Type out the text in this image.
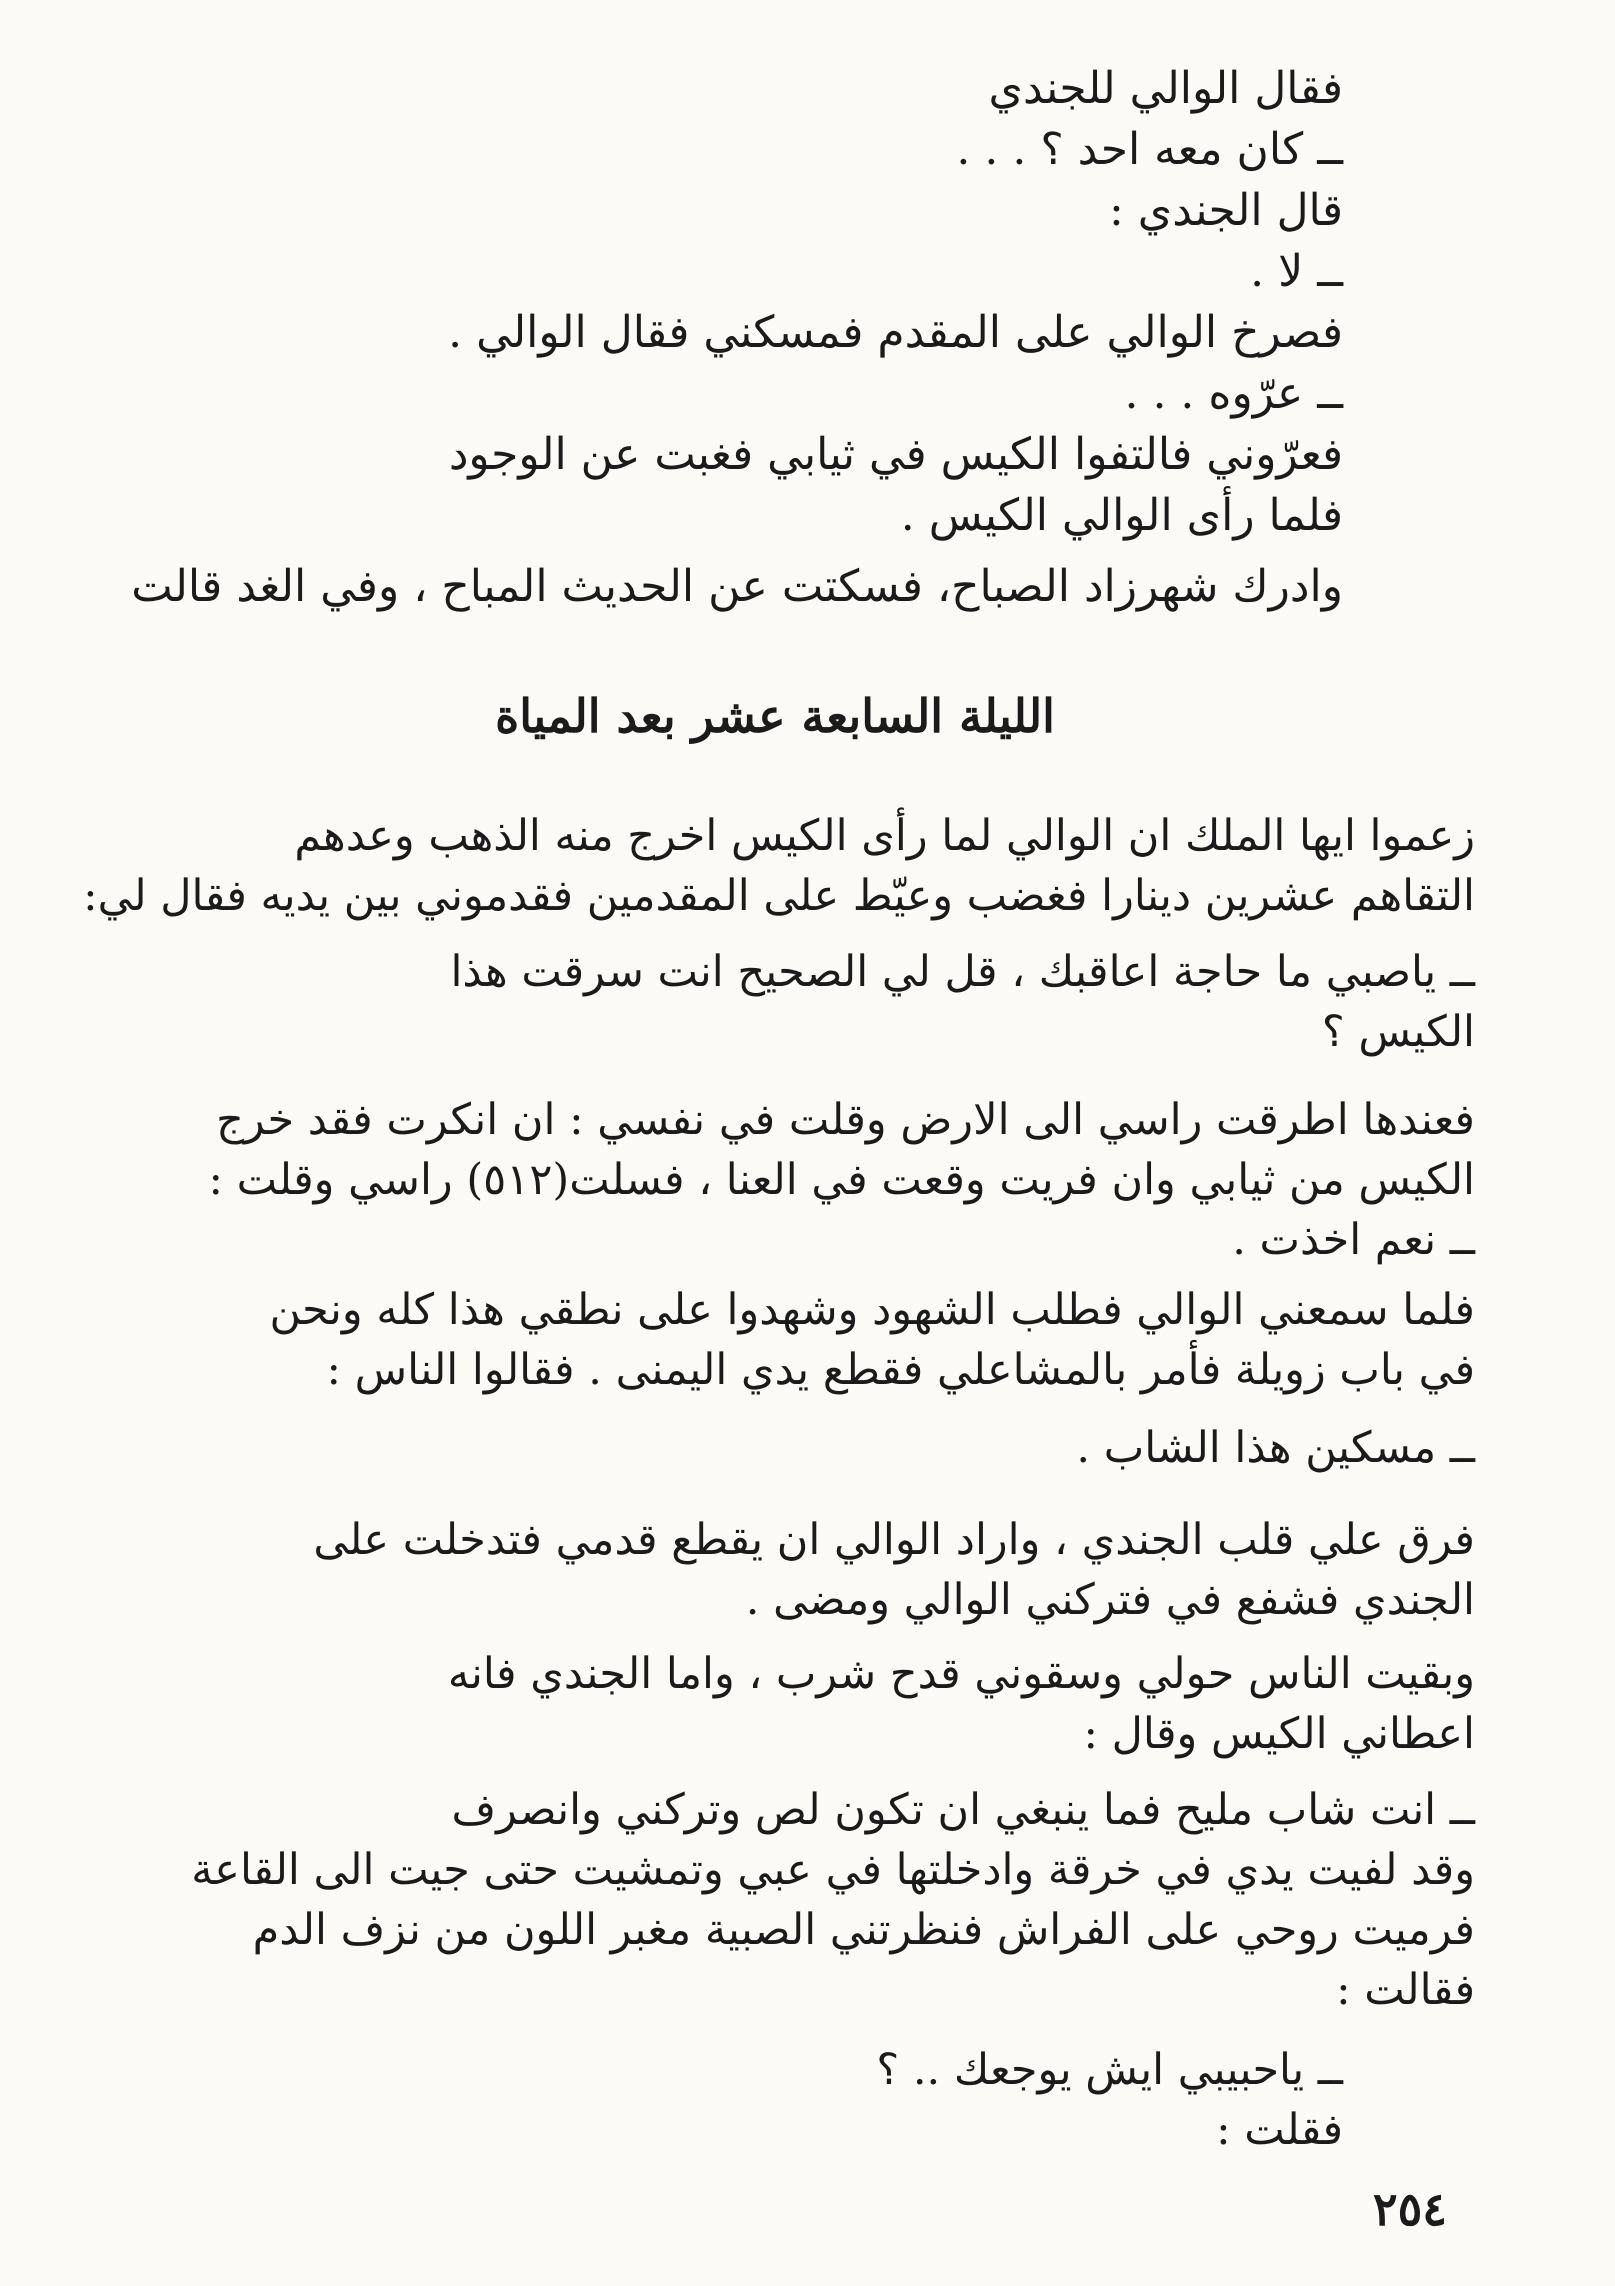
فقال الوالي للجندي
ــ كان معه احد ؟ . . .
قال الجندي :
ــ لا .
فصرخ الوالي على المقدم فمسكني فقال الوالي .
ــ عرّوه . . .
فعرّوني فالتفوا الكيس في ثيابي فغبت عن الوجود
فلما رأى الوالي الكيس .
وادرك شهرزاد الصباح، فسكتت عن الحديث المباح ، وفي الغد قالت
الليلة السابعة عشر بعد المياة
زعموا ايها الملك ان الوالي لما رأى الكيس اخرج منه الذهب وعدهم
التقاهم عشرين دينارا فغضب وعيّط على المقدمين فقدموني بين يديه فقال لي:
ــ ياصبي ما حاجة اعاقبك ، قل لي الصحيح انت سرقت هذا
الكيس ؟
فعندها اطرقت راسي الى الارض وقلت في نفسي : ان انكرت فقد خرج
الكيس من ثيابي وان فريت وقعت في العنا ، فسلت(٥١٢) راسي وقلت :
ــ نعم اخذت .
فلما سمعني الوالي فطلب الشهود وشهدوا على نطقي هذا كله ونحن
في باب زويلة فأمر بالمشاعلي فقطع يدي اليمنى . فقالوا الناس :
ــ مسكين هذا الشاب .
فرق علي قلب الجندي ، واراد الوالي ان يقطع قدمي فتدخلت على
الجندي فشفع في فتركني الوالي ومضى .
وبقيت الناس حولي وسقوني قدح شرب ، واما الجندي فانه
اعطاني الكيس وقال :
ــ انت شاب مليح فما ينبغي ان تكون لص وتركني وانصرف
وقد لفيت يدي في خرقة وادخلتها في عبي وتمشيت حتى جيت الى القاعة
فرميت روحي على الفراش فنظرتني الصبية مغبر اللون من نزف الدم
فقالت :
ــ ياحبيبي ايش يوجعك .. ؟
فقلت :
٢٥٤
